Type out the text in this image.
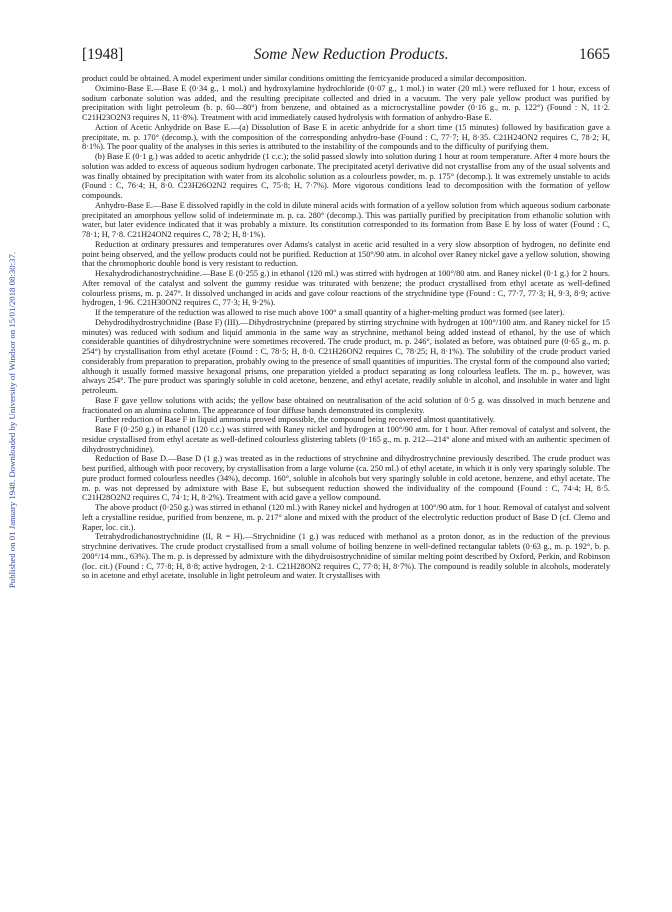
Published on 01 January 1948. Downloaded by University of Windsor on 15/01/2018 08:30:37.
[1948]	Some New Reduction Products.	1665

product could be obtained. A model experiment under similar conditions omitting the ferricyanide produced a similar decomposition.

Oximino-Base E.—Base E (0·34 g., 1 mol.) and hydroxylamine hydrochloride (0·07 g., 1 mol.) in water (20 ml.) were refluxed for 1 hour, excess of sodium carbonate solution was added, and the resulting precipitate collected and dried in a vacuum. The very pale yellow product was purified by precipitation with light petroleum (b. p. 60—80°) from benzene, and obtained as a microcrystalline powder (0·16 g., m. p. 122°) (Found : N, 11·2. C21H23O2N3 requires N, 11·8%). Treatment with acid immediately caused hydrolysis with formation of anhydro-Base E.

Action of Acetic Anhydride on Base E.—(a) Dissolution of Base E in acetic anhydride for a short time (15 minutes) followed by basification gave a precipitate, m. p. 170° (decomp.), with the composition of the corresponding anhydro-base (Found : C, 77·7; H, 8·35. C21H24ON2 requires C, 78·2; H, 8·1%). The poor quality of the analyses in this series is attributed to the instability of the compounds and to the difficulty of purifying them.

(b) Base E (0·1 g.) was added to acetic anhydride (1 c.c.); the solid passed slowly into solution during 1 hour at room temperature. After 4 more hours the solution was added to excess of aqueous sodium hydrogen carbonate. The precipitated acetyl derivative did not crystallise from any of the usual solvents and was finally obtained by precipitation with water from its alcoholic solution as a colourless powder, m. p. 175° (decomp.). It was extremely unstable to acids (Found : C, 76·4; H, 8·0. C23H26O2N2 requires C, 75·8; H, 7·7%). More vigorous conditions lead to decomposition with the formation of yellow compounds.

Anhydro-Base E.—Base E dissolved rapidly in the cold in dilute mineral acids with formation of a yellow solution from which aqueous sodium carbonate precipitated an amorphous yellow solid of indeterminate m. p. ca. 280° (decomp.). This was partially purified by precipitation from ethanolic solution with water, but later evidence indicated that it was probably a mixture. Its constitution corresponded to its formation from Base E by loss of water (Found : C, 78·1; H, 7·8. C21H24ON2 requires C, 78·2; H, 8·1%).

Reduction at ordinary pressures and temperatures over Adams's catalyst in acetic acid resulted in a very slow absorption of hydrogen, no definite end point being observed, and the yellow products could not be purified. Reduction at 150°/90 atm. in alcohol over Raney nickel gave a yellow solution, showing that the chromophoric double bond is very resistant to reduction.

Hexahydrodichanostrychnidine.—Base E (0·255 g.) in ethanol (120 ml.) was stirred with hydrogen at 100°/80 atm. and Raney nickel (0·1 g.) for 2 hours. After removal of the catalyst and solvent the gummy residue was triturated with benzene; the product crystallised from ethyl acetate as well-defined colourless prisms, m. p. 247°. It dissolved unchanged in acids and gave colour reactions of the strychnidine type (Found : C, 77·7, 77·3; H, 9·3, 8·9; active hydrogen, 1·96. C21H30ON2 requires C, 77·3; H, 9·2%).

If the temperature of the reduction was allowed to rise much above 100° a small quantity of a higher-melting product was formed (see later).

Dehydrodihydrostrychnidine (Base F) (III).—Dihydrostrychnine (prepared by stirring strychnine with hydrogen at 100°/100 atm. and Raney nickel for 15 minutes) was reduced with sodium and liquid ammonia in the same way as strychnine, methanol being added instead of ethanol, by the use of which considerable quantities of dihydrostrychnine were sometimes recovered. The crude product, m. p. 246°, isolated as before, was obtained pure (0·65 g., m. p. 254°) by crystallisation from ethyl acetate (Found : C, 78·5; H, 8·0. C21H26ON2 requires C, 78·25; H, 8·1%). The solubility of the crude product varied considerably from preparation to preparation, probably owing to the presence of small quantities of impurities. The crystal form of the compound also varied; although it usually formed massive hexagonal prisms, one preparation yielded a product separating as long colourless leaflets. The m. p., however, was always 254°. The pure product was sparingly soluble in cold acetone, benzene, and ethyl acetate, readily soluble in alcohol, and insoluble in water and light petroleum.

Base F gave yellow solutions with acids; the yellow base obtained on neutralisation of the acid solution of 0·5 g. was dissolved in much benzene and fractionated on an alumina column. The appearance of four diffuse bands demonstrated its complexity.

Further reduction of Base F in liquid ammonia proved impossible, the compound being recovered almost quantitatively.

Base F (0·250 g.) in ethanol (120 c.c.) was stirred with Raney nickel and hydrogen at 100°/90 atm. for 1 hour. After removal of catalyst and solvent, the residue crystallised from ethyl acetate as well-defined colourless glistering tablets (0·165 g., m. p. 212—214° alone and mixed with an authentic specimen of dihydrostrychnidine).

Reduction of Base D.—Base D (1 g.) was treated as in the reductions of strychnine and dihydrostrychnine previously described. The crude product was best purified, although with poor recovery, by crystallisation from a large volume (ca. 250 ml.) of ethyl acetate, in which it is only very sparingly soluble. The pure product formed colourless needles (34%), decomp. 160°, soluble in alcohols but very sparingly soluble in cold acetone, benzene, and ethyl acetate. The m. p. was not depressed by admixture with Base E, but subsequent reduction showed the individuality of the compound (Found : C, 74·4; H, 8·5. C21H28O2N2 requires C, 74·1; H, 8·2%). Treatment with acid gave a yellow compound.

The above product (0·250 g.) was stirred in ethanol (120 ml.) with Raney nickel and hydrogen at 100°/90 atm. for 1 hour. Removal of catalyst and solvent left a crystalline residue, purified from benzene, m. p. 217° alone and mixed with the product of the electrolytic reduction product of Base D (cf. Clemo and Raper, loc. cit.).

Tetrahydrodichanostrychnidine (II, R = H).—Strychnidine (1 g.) was reduced with methanol as a proton donor, as in the reduction of the previous strychnine derivatives. The crude product crystallised from a small volume of boiling benzene in well-defined rectangular tablets (0·63 g., m. p. 192°, b. p. 200°/14 mm., 63%). The m. p. is depressed by admixture with the dihydroisostrychnidine of similar melting point described by Oxford, Perkin, and Robinson (loc. cit.) (Found : C, 77·8; H, 8·8; active hydrogen, 2·1. C21H28ON2 requires C, 77·8; H, 8·7%). The compound is readily soluble in alcohols, moderately so in acetone and ethyl acetate, insoluble in light petroleum and water. It crystallises with
